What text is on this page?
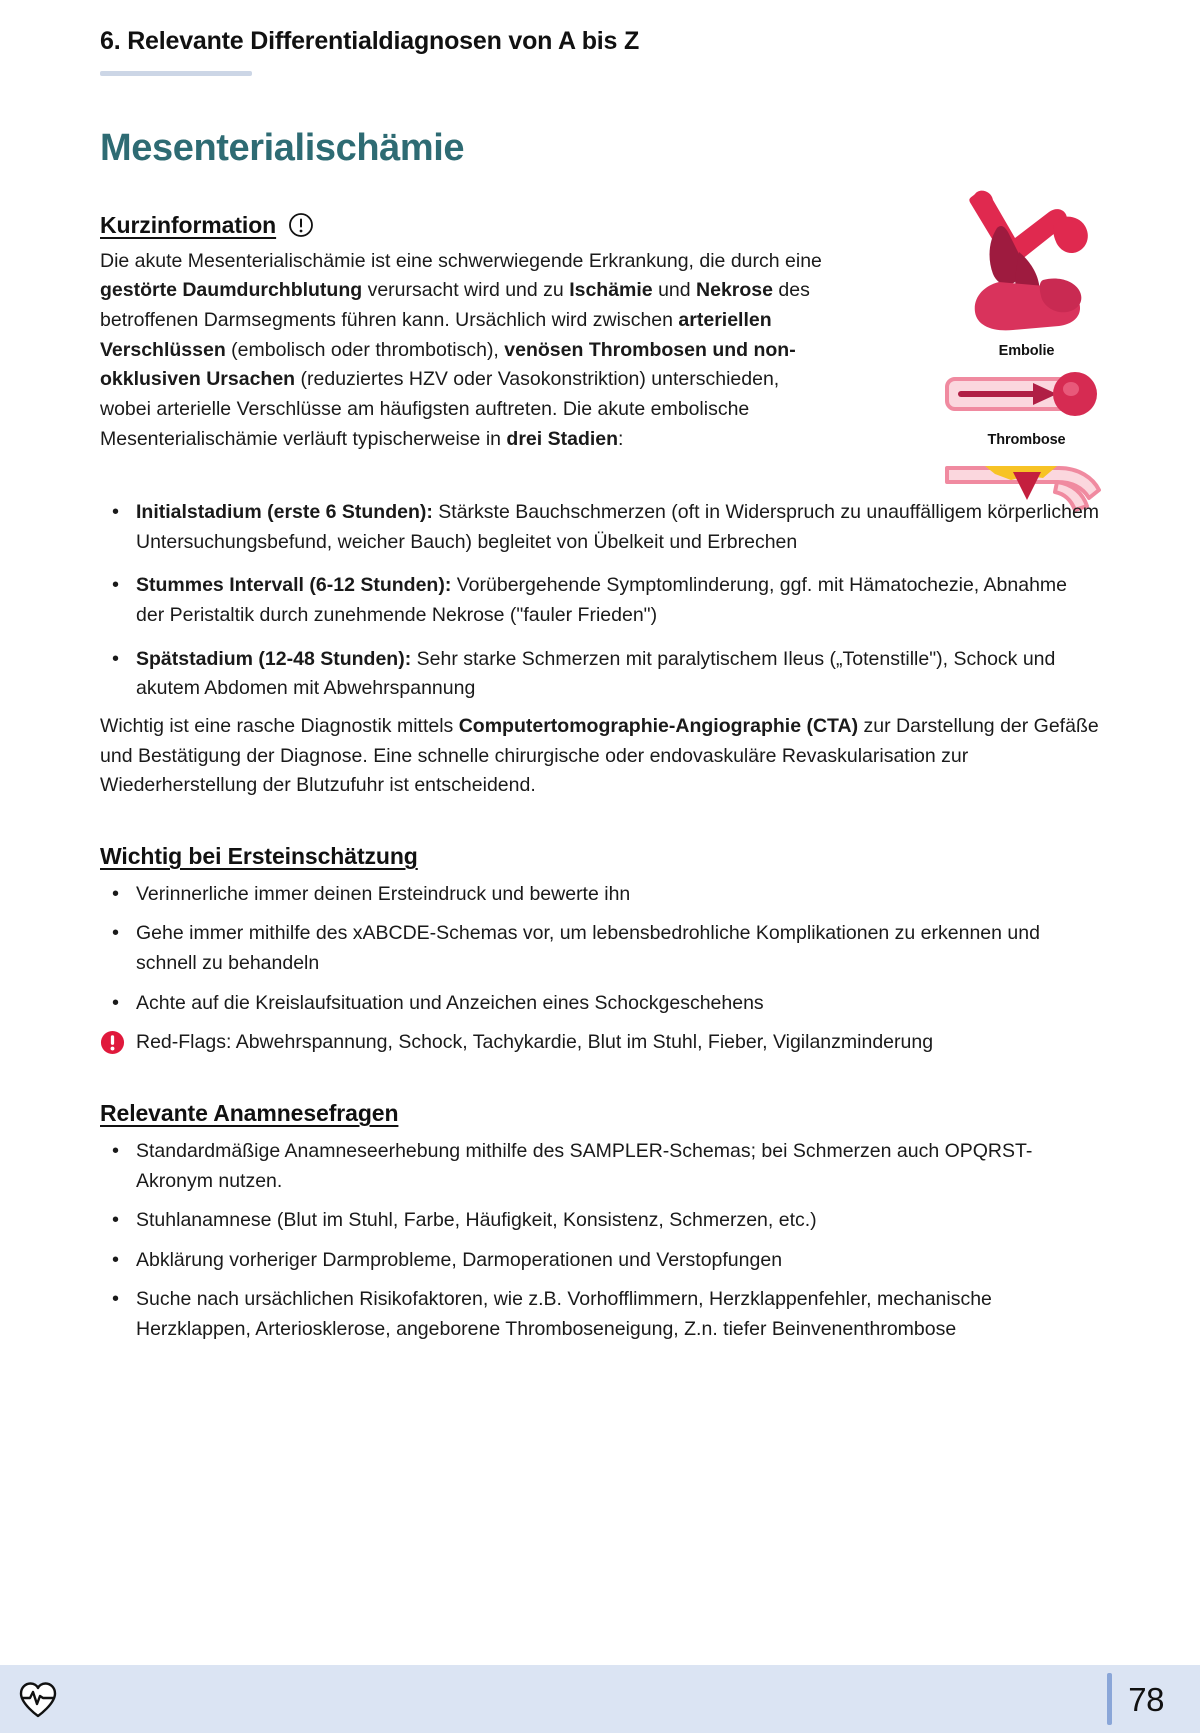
6. Relevante Differentialdiagnosen von A bis Z
Mesenterialischämie
Embolie
Thrombose
Kurzinformation

Die akute Mesenterialischämie ist eine schwerwiegende Erkrankung, die durch eine gestörte Daumdurchblutung verursacht wird und zu Ischämie und Nekrose des betroffenen Darmsegments führen kann. Ursächlich wird zwischen arteriellen Verschlüssen (embolisch oder thrombotisch), venösen Thrombosen und non-okklusiven Ursachen (reduziertes HZV oder Vasokonstriktion) unterschieden, wobei arterielle Verschlüsse am häufigsten auftreten. Die akute embolische Mesenterialischämie verläuft typischerweise in drei Stadien:

• Initialstadium (erste 6 Stunden): Stärkste Bauchschmerzen (oft in Widerspruch zu unauffälligem körperlichem Untersuchungsbefund, weicher Bauch) begleitet von Übelkeit und Erbrechen
• Stummes Intervall (6-12 Stunden): Vorübergehende Symptomlinderung, ggf. mit Hämatochezie, Abnahme der Peristaltik durch zunehmende Nekrose ("fauler Frieden")
• Spätstadium (12-48 Stunden): Sehr starke Schmerzen mit paralytischem Ileus („Totenstille"), Schock und akutem Abdomen mit Abwehrspannung

Wichtig ist eine rasche Diagnostik mittels Computertomographie-Angiographie (CTA) zur Darstellung der Gefäße und Bestätigung der Diagnose. Eine schnelle chirurgische oder endovaskuläre Revaskularisation zur Wiederherstellung der Blutzufuhr ist entscheidend.

Wichtig bei Ersteinschätzung
• Verinnerliche immer deinen Ersteindruck und bewerte ihn
• Gehe immer mithilfe des xABCDE-Schemas vor, um lebensbedrohliche Komplikationen zu erkennen und schnell zu behandeln
• Achte auf die Kreislaufsituation und Anzeichen eines Schockgeschehens
• Red-Flags: Abwehrspannung, Schock, Tachykardie, Blut im Stuhl, Fieber, Vigilanzminderung
Relevante Anamnesefragen
• Standardmäßige Anamneseerhebung mithilfe des SAMPLER-Schemas; bei Schmerzen auch OPQRST-Akronym nutzen.
• Stuhlanamnese (Blut im Stuhl, Farbe, Häufigkeit, Konsistenz, Schmerzen, etc.)
• Abklärung vorheriger Darmprobleme, Darmoperationen und Verstopfungen
• Suche nach ursächlichen Risikofaktoren, wie z.B. Vorhofflimmern, Herzklappenfehler, mechanische Herzklappen, Arteriosklerose, angeborene Thromboseneigung, Z.n. tiefer Beinvenenthrombose
78
